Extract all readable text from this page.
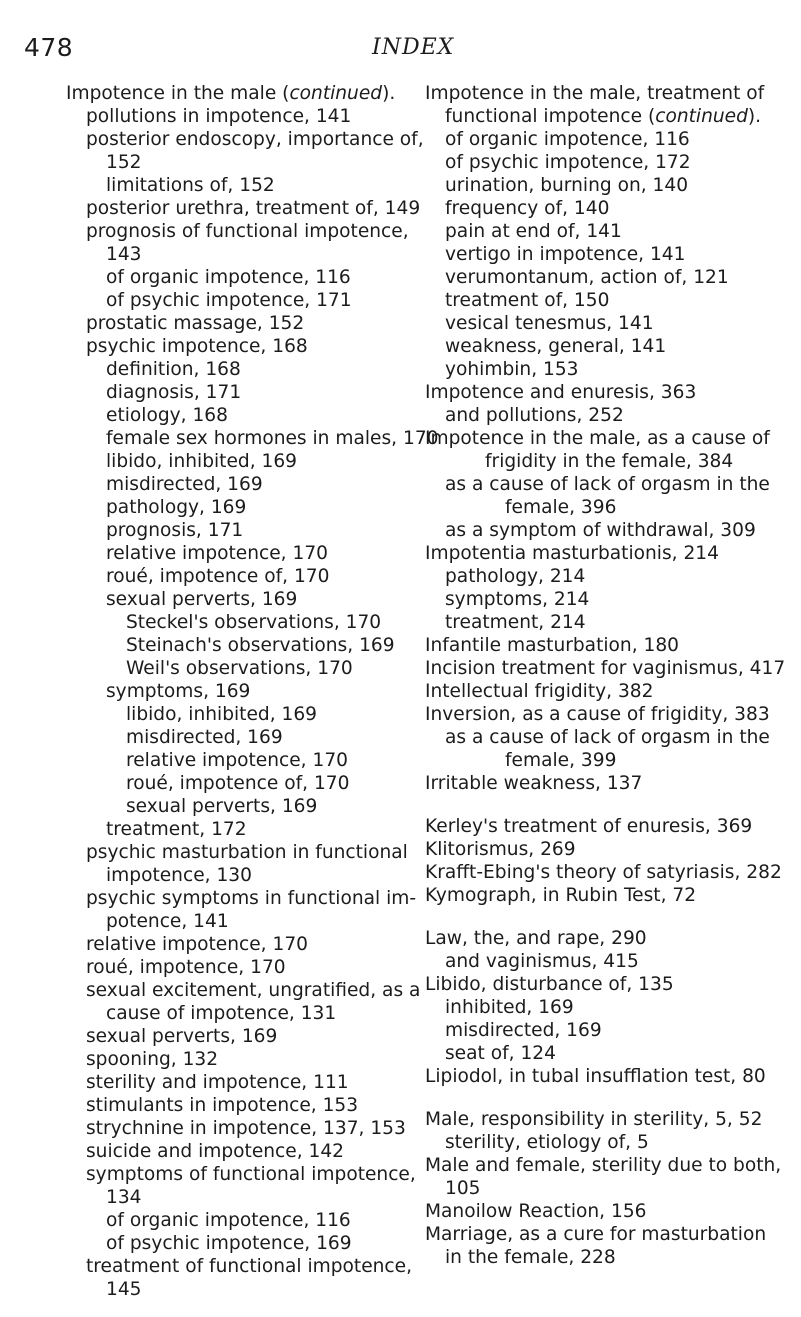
478	INDEX
Impotence in the male (continued).
pollutions in impotence, 141
posterior endoscopy, importance of,
152
limitations of, 152
posterior urethra, treatment of, 149
prognosis of functional impotence,
143
of organic impotence, 116
of psychic impotence, 171
prostatic massage, 152
psychic impotence, 168
definition, 168
diagnosis, 171
etiology, 168
female sex hormones in males, 170
libido, inhibited, 169
misdirected, 169
pathology, 169
prognosis, 171
relative impotence, 170
roué, impotence of, 170
sexual perverts, 169
Steckel's observations, 170
Steinach's observations, 169
Weil's observations, 170
symptoms, 169
libido, inhibited, 169
misdirected, 169
relative impotence, 170
roué, impotence of, 170
sexual perverts, 169
treatment, 172
psychic masturbation in functional
impotence, 130
psychic symptoms in functional im-
potence, 141
relative impotence, 170
roué, impotence, 170
sexual excitement, ungratified, as a
cause of impotence, 131
sexual perverts, 169
spooning, 132
sterility and impotence, 111
stimulants in impotence, 153
strychnine in impotence, 137, 153
suicide and impotence, 142
symptoms of functional impotence,
134
of organic impotence, 116
of psychic impotence, 169
treatment of functional impotence,
145
Impotence in the male, treatment of
functional impotence (continued).
of organic impotence, 116
of psychic impotence, 172
urination, burning on, 140
frequency of, 140
pain at end of, 141
vertigo in impotence, 141
verumontanum, action of, 121
treatment of, 150
vesical tenesmus, 141
weakness, general, 141
yohimbin, 153
Impotence and enuresis, 363
and pollutions, 252
Impotence in the male, as a cause of
frigidity in the female, 384
as a cause of lack of orgasm in the
female, 396
as a symptom of withdrawal, 309
Impotentia masturbationis, 214
pathology, 214
symptoms, 214
treatment, 214
Infantile masturbation, 180
Incision treatment for vaginismus, 417
Intellectual frigidity, 382
Inversion, as a cause of frigidity, 383
as a cause of lack of orgasm in the
female, 399
Irritable weakness, 137
Kerley's treatment of enuresis, 369
Klitorismus, 269
Krafft-Ebing's theory of satyriasis, 282
Kymograph, in Rubin Test, 72
Law, the, and rape, 290
and vaginismus, 415
Libido, disturbance of, 135
inhibited, 169
misdirected, 169
seat of, 124
Lipiodol, in tubal insufflation test, 80
Male, responsibility in sterility, 5, 52
sterility, etiology of, 5
Male and female, sterility due to both,
105
Manoilow Reaction, 156
Marriage, as a cure for masturbation
in the female, 228
